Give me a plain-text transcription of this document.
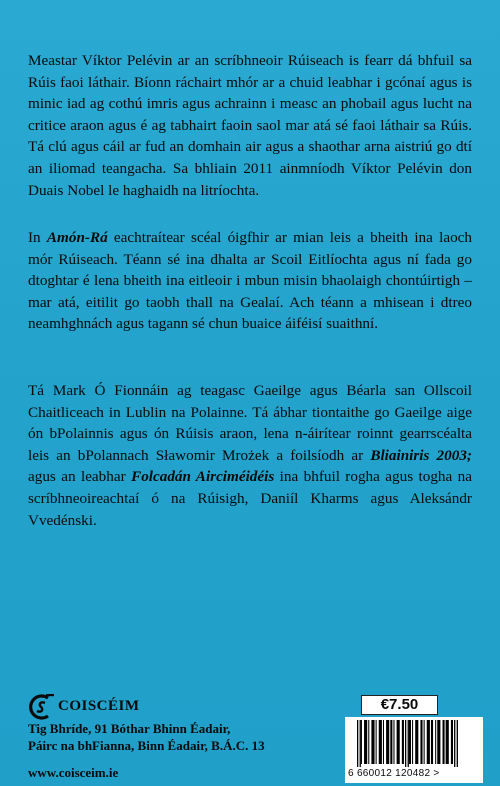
Meastar Víktor Pelévin ar an scríbhneoir Rúiseach is fearr dá bhfuil sa Rúis faoi láthair. Bíonn ráchairt mhór ar a chuid leabhar i gcónaí agus is minic iad ag cothú imris agus achrainn i measc an phobail agus lucht na critice araon agus é ag tabhairt faoin saol mar atá sé faoi láthair sa Rúis. Tá clú agus cáil ar fud an domhain air agus a shaothar arna aistriú go dtí an iliomad teangacha. Sa bhliain 2011 ainmníodh Víktor Pelévin don Duais Nobel le haghaidh na litríochta.

In Amón-Rá eachtraítear scéal óigfhir ar mian leis a bheith ina laoch mór Rúiseach. Téann sé ina dhalta ar Scoil Eitlíochta agus ní fada go dtoghtar é lena bheith ina eitleoir i mbun misin bhaolaigh chontúirtigh – mar atá, eitilit go taobh thall na Gealaí. Ach téann a mhisean i dtreo neamhghnách agus tagann sé chun buaice áiféisí suaithní.

Tá Mark Ó Fionnáin ag teagasc Gaeilge agus Béarla san Ollscoil Chaitliceach in Lublin na Polainne. Tá ábhar tiontaithe go Gaeilge aige ón bPolainnis agus ón Rúisis araon, lena n-áirítear roinnt gearrscéalta leis an bPolannach Sławomir Mrożek a foilsíodh ar Bliainiris 2003; agus an leabhar Folcadán Airciméidéis ina bhfuil rogha agus togha na scríbhneoireachtaí ó na Rúisigh, Daniíl Kharms agus Aleksándr Vvedénski.

COISCÉIM
Tig Bhríde, 91 Bóthar Bhinn Éadair,
Páirc na bhFianna, Binn Éadair, B.Á.C. 13
www.coisceim.ie
€7.50
6 660012 120482 >
